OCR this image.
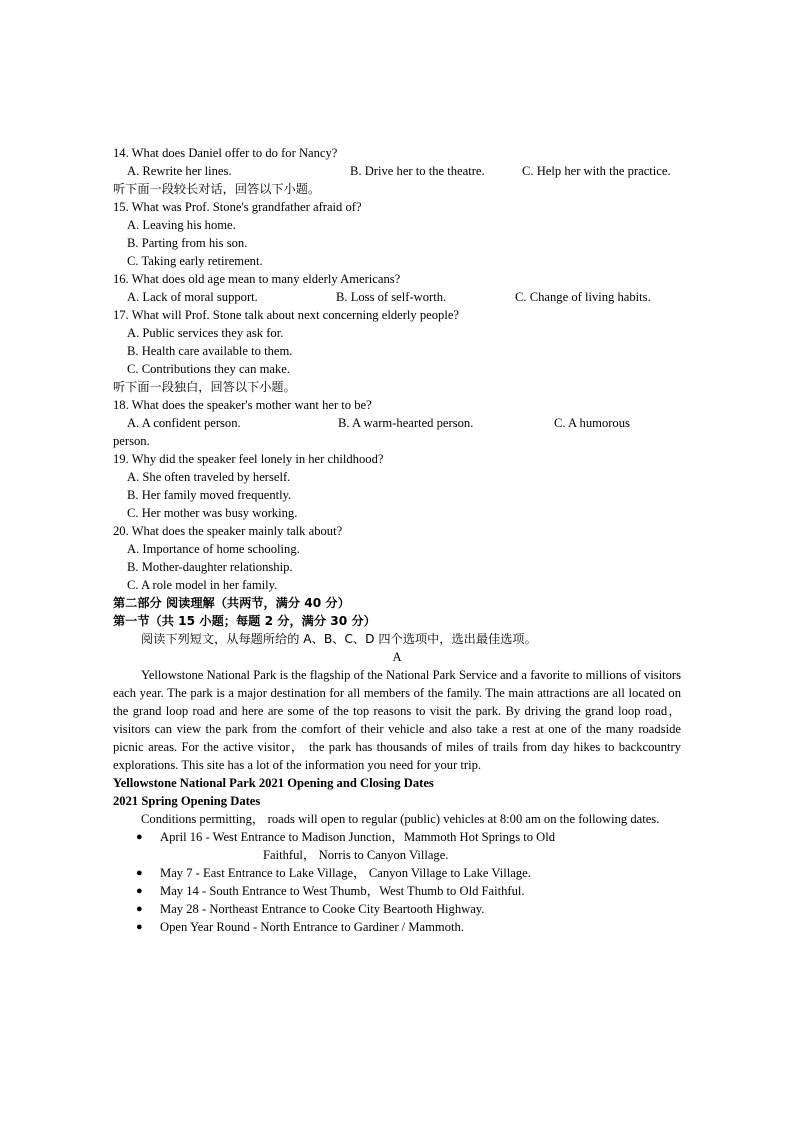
14. What does Daniel offer to do for Nancy?
A. Rewrite her lines.	B. Drive her to the theatre.	C. Help her with the practice.
听下面一段较长对话，回答以下小题。
15. What was Prof. Stone's grandfather afraid of?
A. Leaving his home.
B. Parting from his son.
C. Taking early retirement.
16. What does old age mean to many elderly Americans?
A. Lack of moral support.	B. Loss of self-worth.	C. Change of living habits.
17. What will Prof. Stone talk about next concerning elderly people?
A. Public services they ask for.
B. Health care available to them.
C. Contributions they can make.
听下面一段独白，回答以下小题。
18. What does the speaker's mother want her to be?
A. A confident person.	B. A warm-hearted person.	C. A humorous
person.
19. Why did the speaker feel lonely in her childhood?
A. She often traveled by herself.
B. Her family moved frequently.
C. Her mother was busy working.
20. What does the speaker mainly talk about?
A. Importance of home schooling.
B. Mother-daughter relationship.
C. A role model in her family.
第二部分 阅读理解（共两节，满分 40 分）
第一节（共 15 小题；每题 2 分，满分 30 分）
阅读下列短文，从每题所给的 A、B、C、D 四个选项中，选出最佳选项。
A
Yellowstone National Park is the flagship of the National Park Service and a favorite to millions of visitors each year. The park is a major destination for all members of the family. The main attractions are all located on the grand loop road and here are some of the top reasons to visit the park. By driving the grand loop road， visitors can view the park from the comfort of their vehicle and also take a rest at one of the many roadside picnic areas. For the active visitor， the park has thousands of miles of trails from day hikes to backcountry explorations. This site has a lot of the information you need for your trip.
Yellowstone National Park 2021 Opening and Closing Dates
2021 Spring Opening Dates
Conditions permitting， roads will open to regular (public) vehicles at 8:00 am on the following dates.
● April 16 - West Entrance to Madison Junction，Mammoth Hot Springs to Old
Faithful， Norris to Canyon Village.
● May 7 - East Entrance to Lake Village， Canyon Village to Lake Village.
● May 14 - South Entrance to West Thumb，West Thumb to Old Faithful.
● May 28 - Northeast Entrance to Cooke City Beartooth Highway.
● Open Year Round - North Entrance to Gardiner / Mammoth.
